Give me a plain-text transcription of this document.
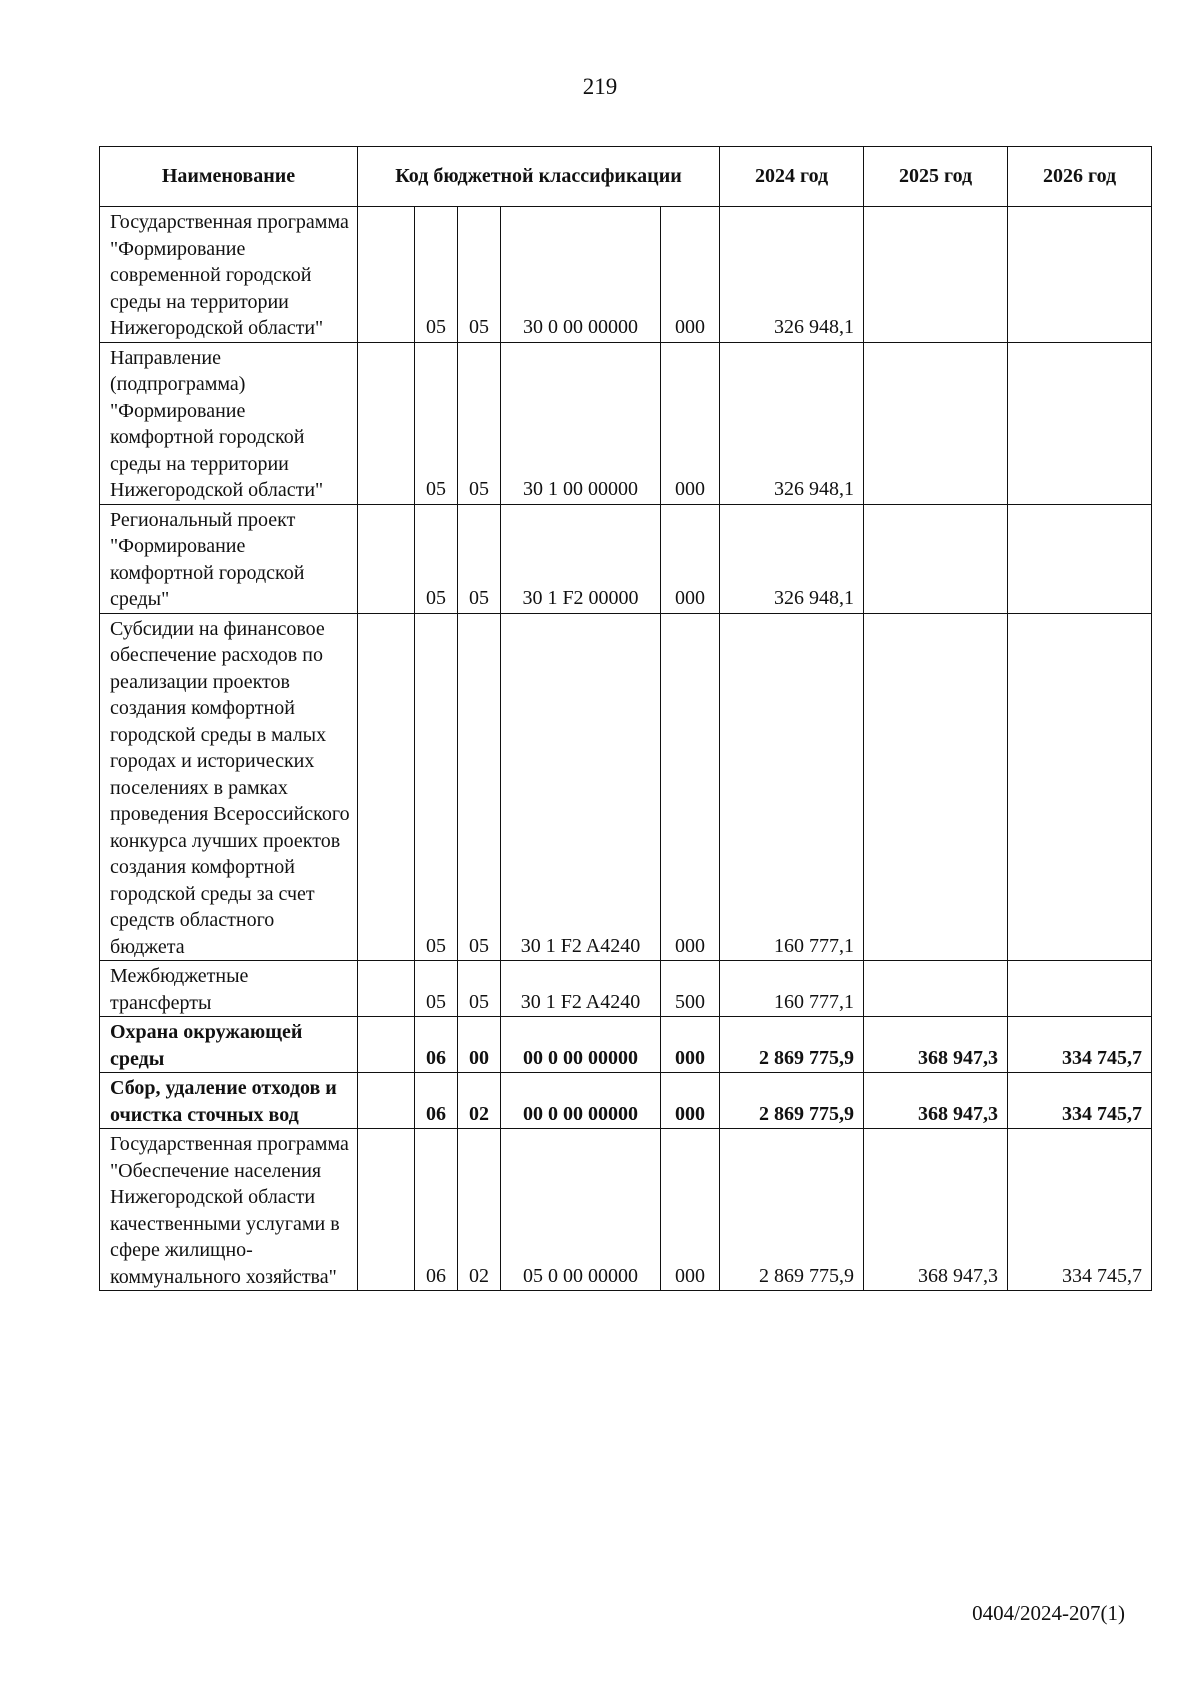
219
Наименование	Код бюджетной классификации					2024 год	2025 год	2026 год
Государственная программа "Формирование современной городской среды на территории Нижегородской области"		05	05	30 0 00 00000	000	326 948,1		
Направление (подпрограмма) "Формирование комфортной городской среды на территории Нижегородской области"		05	05	30 1 00 00000	000	326 948,1		
Региональный проект "Формирование комфортной городской среды"		05	05	30 1 F2 00000	000	326 948,1		
Субсидии на финансовое обеспечение расходов по реализации проектов создания комфортной городской среды в малых городах и исторических поселениях в рамках проведения Всероссийского конкурса лучших проектов создания комфортной городской среды за счет средств областного бюджета		05	05	30 1 F2 A4240	000	160 777,1		
Межбюджетные трансферты		05	05	30 1 F2 A4240	500	160 777,1		
Охрана окружающей среды		06	00	00 0 00 00000	000	2 869 775,9	368 947,3	334 745,7
Сбор, удаление отходов и очистка сточных вод		06	02	00 0 00 00000	000	2 869 775,9	368 947,3	334 745,7
Государственная программа "Обеспечение населения Нижегородской области качественными услугами в сфере жилищно-коммунального хозяйства"		06	02	05 0 00 00000	000	2 869 775,9	368 947,3	334 745,7
0404/2024-207(1)
